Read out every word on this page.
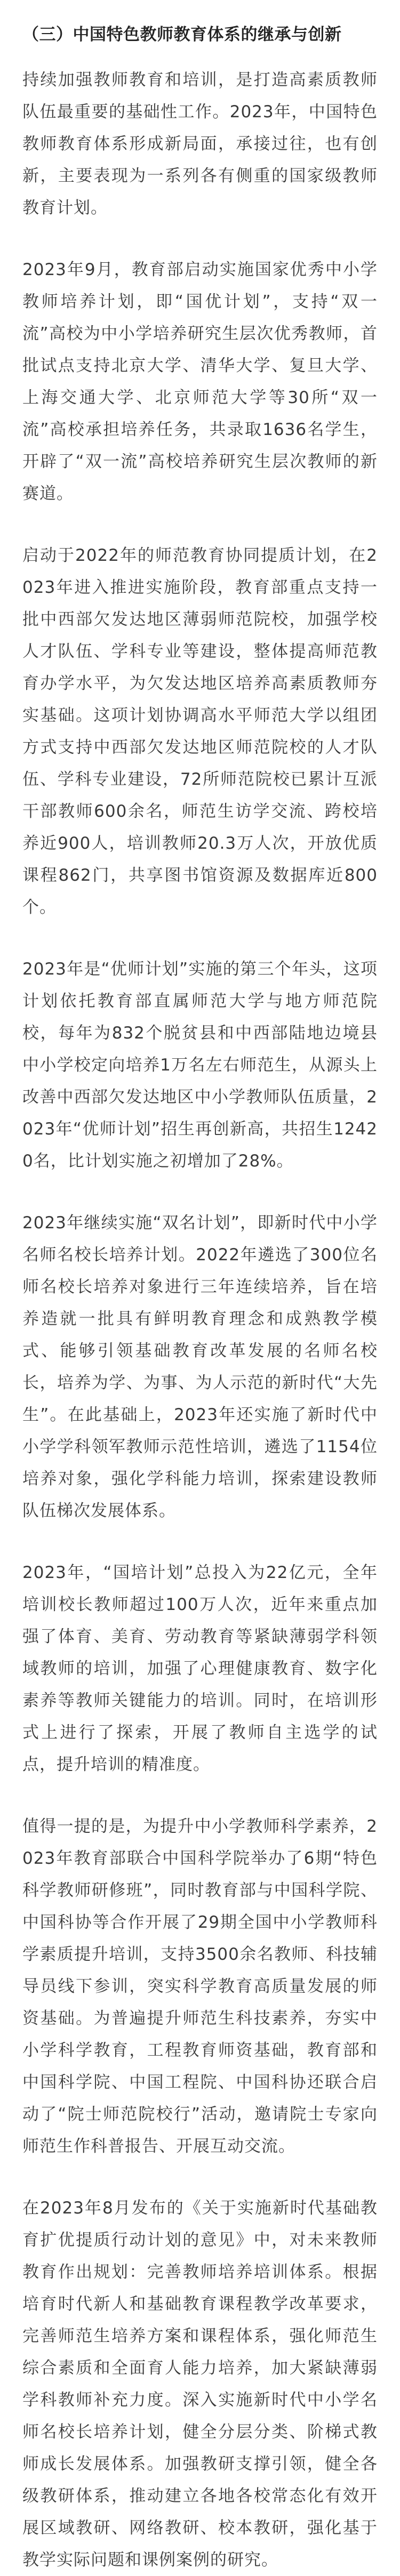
（三）中国特色教师教育体系的继承与创新

持续加强教师教育和培训，是打造高素质教师队伍最重要的基础性工作。2023年，中国特色教师教育体系形成新局面，承接过往，也有创新，主要表现为一系列各有侧重的国家级教师教育计划。

2023年9月，教育部启动实施国家优秀中小学教师培养计划，即“国优计划”，支持“双一流”高校为中小学培养研究生层次优秀教师，首批试点支持北京大学、清华大学、复旦大学、上海交通大学、北京师范大学等30所“双一流”高校承担培养任务，共录取1636名学生，开辟了“双一流”高校培养研究生层次教师的新赛道。

启动于2022年的师范教育协同提质计划，在2023年进入推进实施阶段，教育部重点支持一批中西部欠发达地区薄弱师范院校，加强学校人才队伍、学科专业等建设，整体提高师范教育办学水平，为欠发达地区培养高素质教师夯实基础。这项计划协调高水平师范大学以组团方式支持中西部欠发达地区师范院校的人才队伍、学科专业建设，72所师范院校已累计互派干部教师600余名，师范生访学交流、跨校培养近900人，培训教师20.3万人次，开放优质课程862门，共享图书馆资源及数据库近800个。

2023年是“优师计划”实施的第三个年头，这项计划依托教育部直属师范大学与地方师范院校，每年为832个脱贫县和中西部陆地边境县中小学校定向培养1万名左右师范生，从源头上改善中西部欠发达地区中小学教师队伍质量，2023年“优师计划”招生再创新高，共招生12420名，比计划实施之初增加了28%。

2023年继续实施“双名计划”，即新时代中小学名师名校长培养计划。2022年遴选了300位名师名校长培养对象进行三年连续培养，旨在培养造就一批具有鲜明教育理念和成熟教学模式、能够引领基础教育改革发展的名师名校长，培养为学、为事、为人示范的新时代“大先生”。在此基础上，2023年还实施了新时代中小学学科领军教师示范性培训，遴选了1154位培养对象，强化学科能力培训，探索建设教师队伍梯次发展体系。

2023年，“国培计划”总投入为22亿元，全年培训校长教师超过100万人次，近年来重点加强了体育、美育、劳动教育等紧缺薄弱学科领域教师的培训，加强了心理健康教育、数字化素养等教师关键能力的培训。同时，在培训形式上进行了探索，开展了教师自主选学的试点，提升培训的精准度。

值得一提的是，为提升中小学教师科学素养，2023年教育部联合中国科学院举办了6期“特色科学教师研修班”，同时教育部与中国科学院、中国科协等合作开展了29期全国中小学教师科学素质提升培训，支持3500余名教师、科技辅导员线下参训，突实科学教育高质量发展的师资基础。为普遍提升师范生科技素养，夯实中小学科学教育，工程教育师资基础，教育部和中国科学院、中国工程院、中国科协还联合启动了“院士师范院校行”活动，邀请院士专家向师范生作科普报告、开展互动交流。

在2023年8月发布的《关于实施新时代基础教育扩优提质行动计划的意见》中，对未来教师教育作出规划：完善教师培养培训体系。根据培育时代新人和基础教育课程教学改革要求，完善师范生培养方案和课程体系，强化师范生综合素质和全面育人能力培养，加大紧缺薄弱学科教师补充力度。深入实施新时代中小学名师名校长培养计划，健全分层分类、阶梯式教师成长发展体系。加强教研支撑引领，健全各级教研体系，推动建立各地各校常态化有效开展区域教研、网络教研、校本教研，强化基于教学实际问题和课例案例的研究。
